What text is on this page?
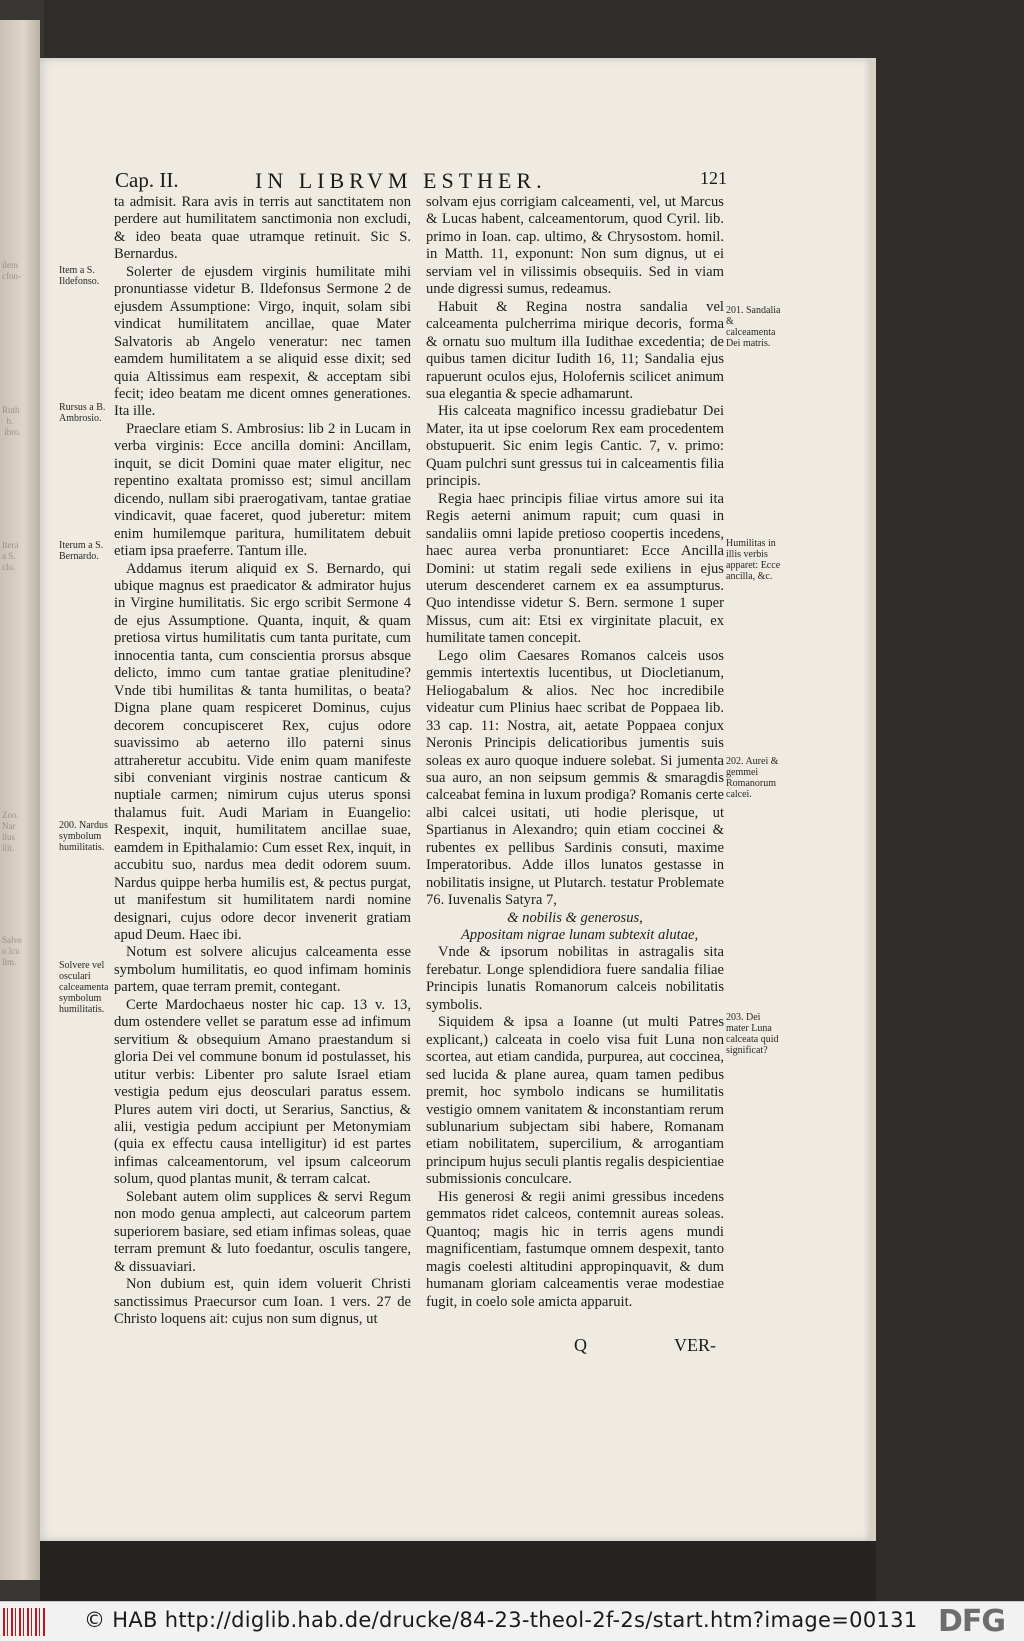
ilem
cfon-
Ruth
b.
ibro.
Itera
a S.
clo.
Zoo.
Nar
ilus
ilit.
Salve
o lcu
lim.
Cap. II.	IN LIBRVM ESTHER.	121

ta admisit. Rara avis in terris aut sanctitatem non perdere aut humilitatem sanctimonia non excludi, & ideo beata quae utramque retinuit. Sic S. Bernardus.

Solerter de ejusdem virginis humilitate mihi pronuntiasse videtur B. Ildefonsus Sermone 2 de ejusdem Assumptione: Virgo, inquit, solam sibi vindicat humilitatem ancillae, quae Mater Salvatoris ab Angelo veneratur: nec tamen eamdem humilitatem a se aliquid esse dixit; sed quia Altissimus eam respexit, & acceptam sibi fecit; ideo beatam me dicent omnes generationes. Ita ille.

Praeclare etiam S. Ambrosius: lib 2 in Lucam in verba virginis: Ecce ancilla domini: Ancillam, inquit, se dicit Domini quae mater eligitur, nec repentino exaltata promisso est; simul ancillam dicendo, nullam sibi praerogativam, tantae gratiae vindicavit, quae faceret, quod juberetur: mitem enim humilemque paritura, humilitatem debuit etiam ipsa praeferre. Tantum ille.

Addamus iterum aliquid ex S. Bernardo, qui ubique magnus est praedicator & admirator hujus in Virgine humilitatis. Sic ergo scribit Sermone 4 de ejus Assumptione. Quanta, inquit, & quam pretiosa virtus humilitatis cum tanta puritate, cum innocentia tanta, cum conscientia prorsus absque delicto, immo cum tantae gratiae plenitudine? Vnde tibi humilitas & tanta humilitas, o beata? Digna plane quam respiceret Dominus, cujus decorem concupisceret Rex, cujus odore suavissimo ab aeterno illo paterni sinus attraheretur accubitu. Vide enim quam manifeste sibi conveniant virginis nostrae canticum & nuptiale carmen; nimirum cujus uterus sponsi thalamus fuit. Audi Mariam in Euangelio: Respexit, inquit, humilitatem ancillae suae, eamdem in Epithalamio: Cum esset Rex, inquit, in accubitu suo, nardus mea dedit odorem suum. Nardus quippe herba humilis est, & pectus purgat, ut manifestum sit humilitatem nardi nomine designari, cujus odore decor invenerit gratiam apud Deum. Haec ibi.

Notum est solvere alicujus calceamenta esse symbolum humilitatis, eo quod infimam hominis partem, quae terram premit, contegant.

Certe Mardochaeus noster hic cap. 13 v. 13, dum ostendere vellet se paratum esse ad infimum servitium & obsequium Amano praestandum si gloria Dei vel commune bonum id postulasset, his utitur verbis: Libenter pro salute Israel etiam vestigia pedum ejus deosculari paratus essem. Plures autem viri docti, ut Serarius, Sanctius, & alii, vestigia pedum accipiunt per Metonymiam (quia ex effectu causa intelligitur) id est partes infimas calceamentorum, vel ipsum calceorum solum, quod plantas munit, & terram calcat.

Solebant autem olim supplices & servi Regum non modo genua amplecti, aut calceorum partem superiorem basiare, sed etiam infimas soleas, quae terram premunt & luto foedantur, osculis tangere, & dissuaviari.

Non dubium est, quin idem voluerit Christi sanctissimus Praecursor cum Ioan. 1 vers. 27 de Christo loquens ait: cujus non sum dignus, ut

solvam ejus corrigiam calceamenti, vel, ut Marcus & Lucas habent, calceamentorum, quod Cyril. lib. primo in Ioan. cap. ultimo, & Chrysostom. homil. in Matth. 11, exponunt: Non sum dignus, ut ei serviam vel in vilissimis obsequiis. Sed in viam unde digressi sumus, redeamus.

Habuit & Regina nostra sandalia vel calceamenta pulcherrima mirique decoris, forma & ornatu suo multum illa Iudithae excedentia; de quibus tamen dicitur Iudith 16, 11; Sandalia ejus rapuerunt oculos ejus, Holofernis scilicet animum sua elegantia & specie adhamarunt.

His calceata magnifico incessu gradiebatur Dei Mater, ita ut ipse coelorum Rex eam procedentem obstupuerit. Sic enim legis Cantic. 7, v. primo: Quam pulchri sunt gressus tui in calceamentis filia principis.

Regia haec principis filiae virtus amore sui ita Regis aeterni animum rapuit; cum quasi in sandaliis omni lapide pretioso coopertis incedens, haec aurea verba pronuntiaret: Ecce Ancilla Domini: ut statim regali sede exiliens in ejus uterum descenderet carnem ex ea assumpturus. Quo intendisse videtur S. Bern. sermone 1 super Missus, cum ait: Etsi ex virginitate placuit, ex humilitate tamen concepit.

Lego olim Caesares Romanos calceis usos gemmis intertextis lucentibus, ut Diocletianum, Heliogabalum & alios. Nec hoc incredibile videatur cum Plinius haec scribat de Poppaea lib. 33 cap. 11: Nostra, ait, aetate Poppaea conjux Neronis Principis delicatioribus jumentis suis soleas ex auro quoque induere solebat. Si jumenta sua auro, an non seipsum gemmis & smaragdis calceabat femina in luxum prodiga? Romanis certe albi calcei usitati, uti hodie plerisque, ut Spartianus in Alexandro; quin etiam coccinei & rubentes ex pellibus Sardinis consuti, maxime Imperatoribus. Adde illos lunatos gestasse in nobilitatis insigne, ut Plutarch. testatur Problemate 76. Iuvenalis Satyra 7,

& nobilis & generosus,

Appositam nigrae lunam subtexit alutae,

Vnde & ipsorum nobilitas in astragalis sita ferebatur. Longe splendidiora fuere sandalia filiae Principis lunatis Romanorum calceis nobilitatis symbolis.

Siquidem & ipsa a Ioanne (ut multi Patres explicant,) calceata in coelo visa fuit Luna non scortea, aut etiam candida, purpurea, aut coccinea, sed lucida & plane aurea, quam tamen pedibus premit, hoc symbolo indicans se humilitatis vestigio omnem vanitatem & inconstantiam rerum sublunarium subjectam sibi habere, Romanam etiam nobilitatem, supercilium, & arrogantiam principum hujus seculi plantis regalis despicientiae submissionis conculcare.

His generosi & regii animi gressibus incedens gemmatos ridet calceos, contemnit aureas soleas. Quantoq; magis hic in terris agens mundi magnificentiam, fastumque omnem despexit, tanto magis coelesti altitudini appropinquavit, & dum humanam gloriam calceamentis verae modestiae fugit, in coelo sole amicta apparuit.

Item a S. Ildefonso.
Rursus a B. Ambrosio.
Iterum a S. Bernardo.
200. Nardus symbolum humilitatis.
Solvere vel osculari calceamenta symbolum humilitatis.
201. Sandalia & calceamenta Dei matris.
Humilitas in illis verbis apparet: Ecce ancilla, &c.
202. Aurei & gemmei Romanorum calcei.
203. Dei mater Luna calceata quid significat?
Q	VER-
© HAB http://diglib.hab.de/drucke/84-23-theol-2f-2s/start.htm?image=00131 DFG
